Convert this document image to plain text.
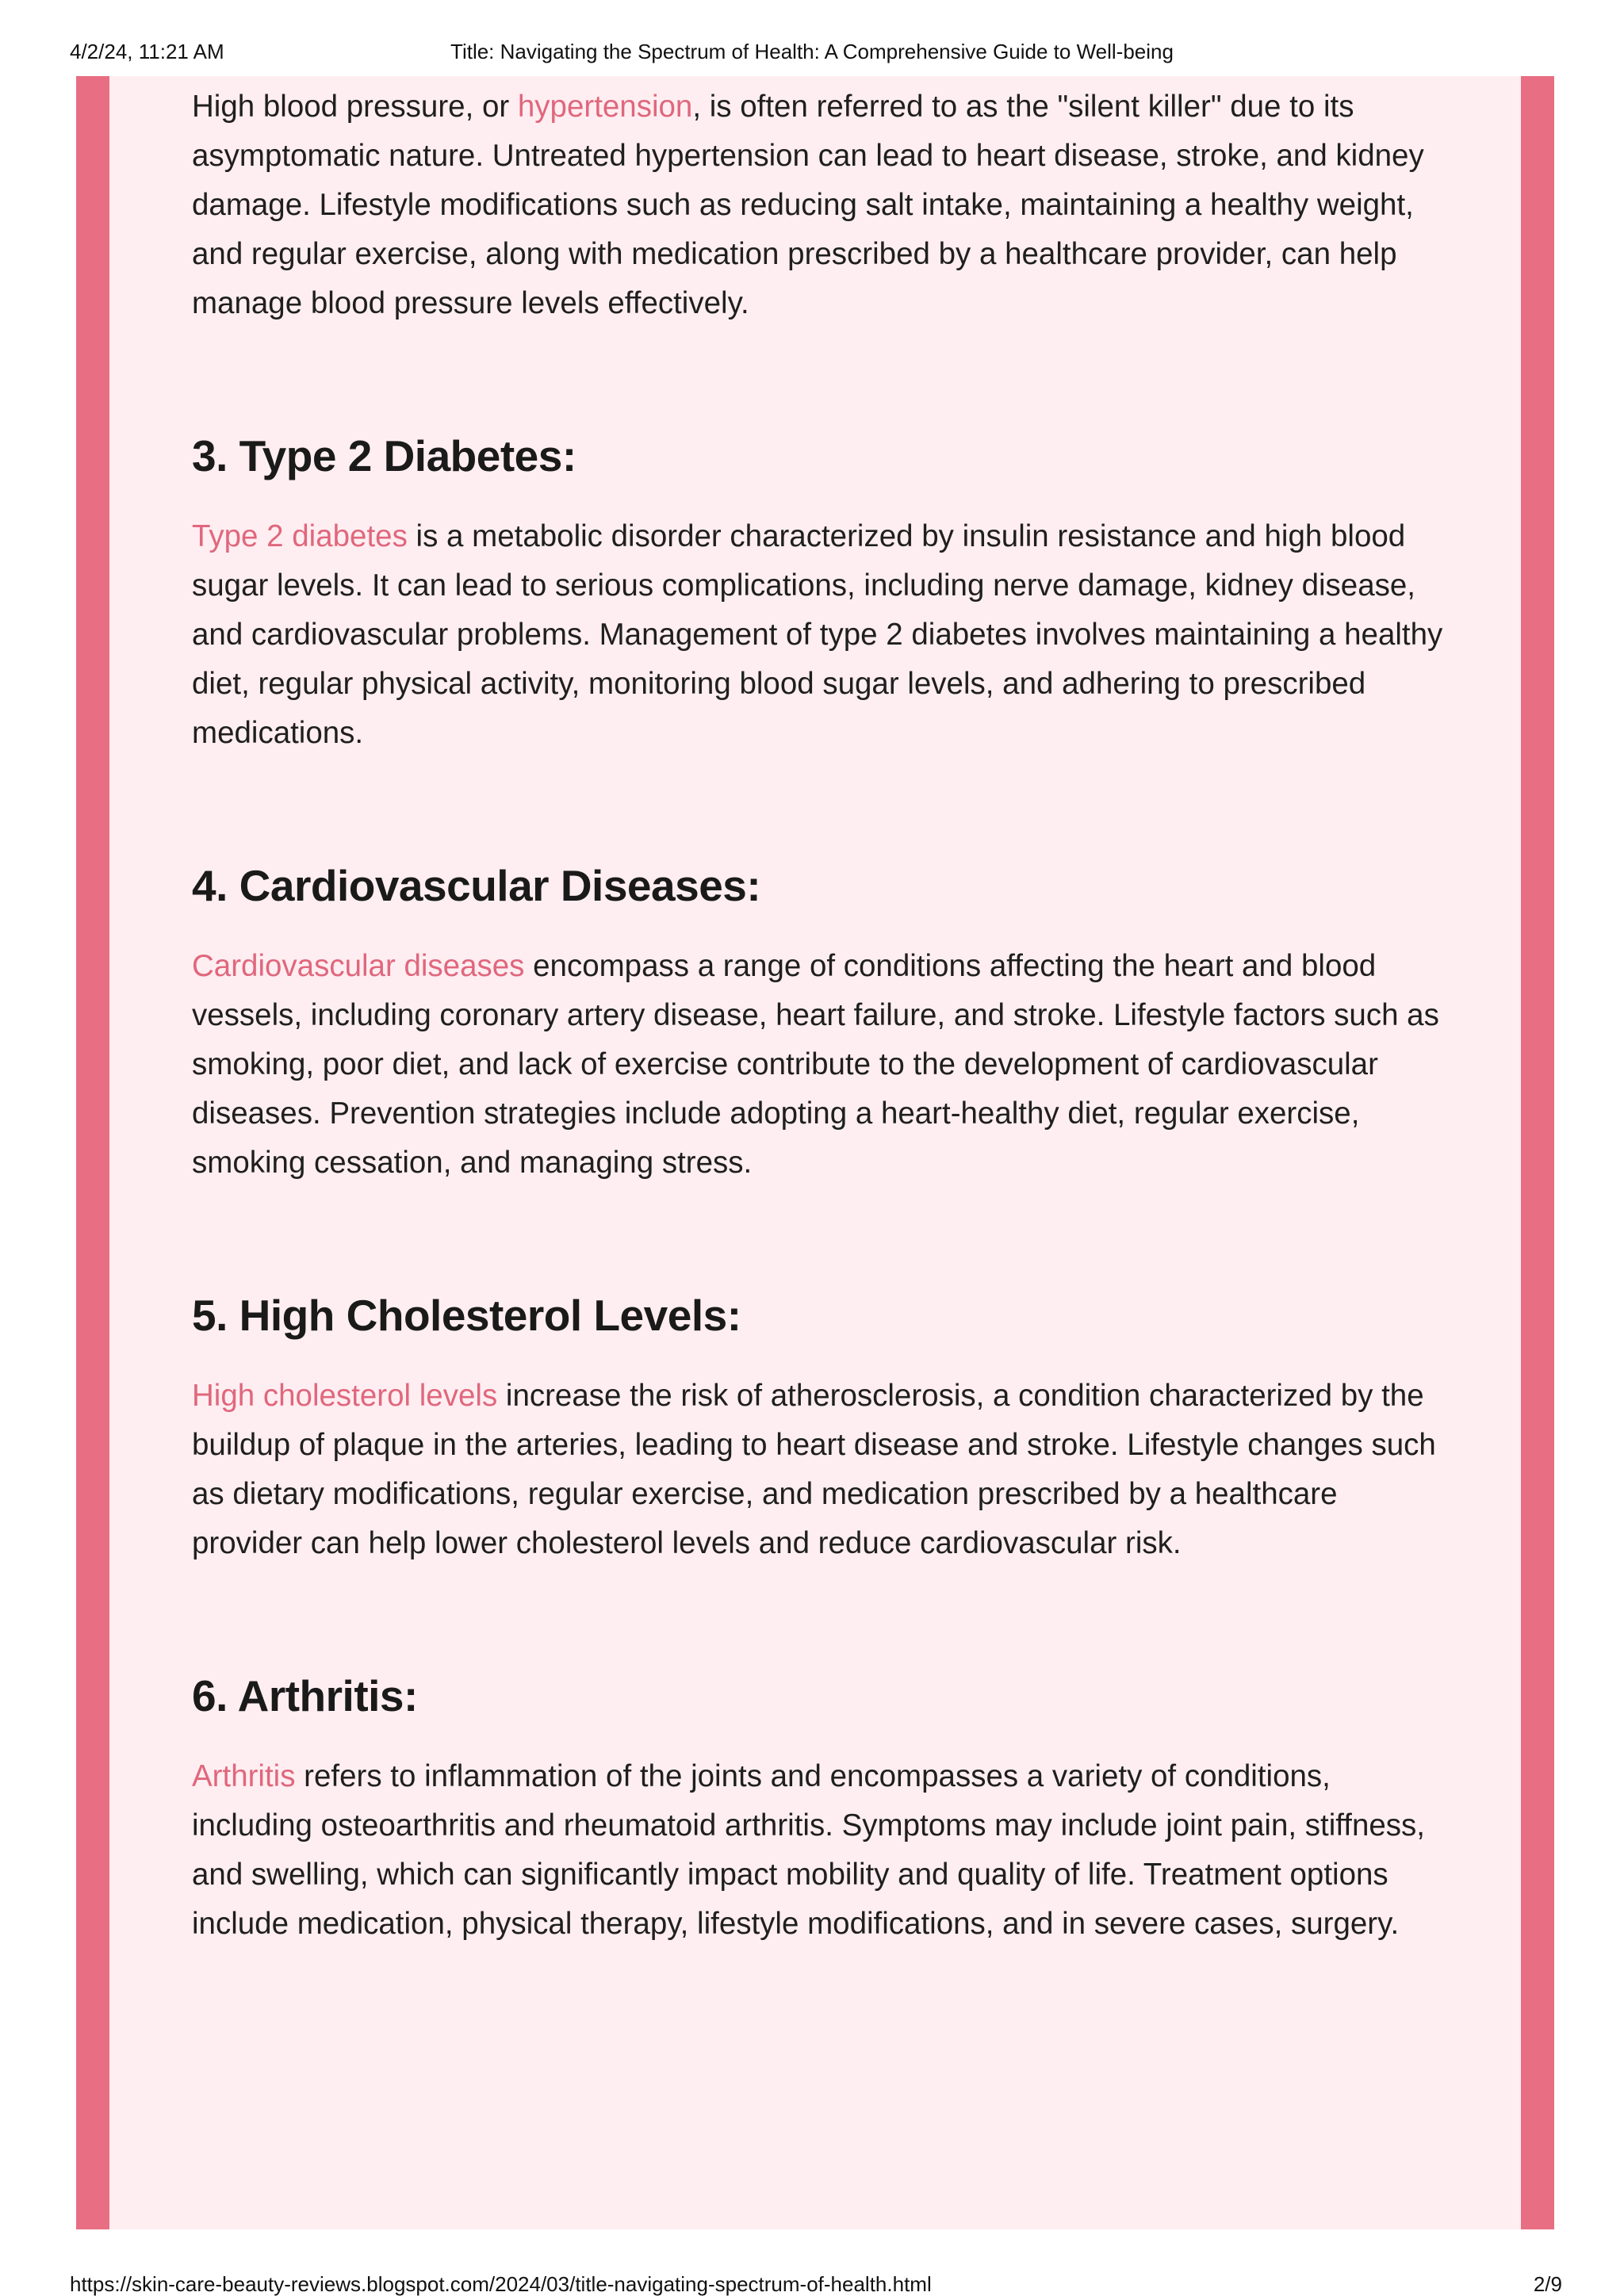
4/2/24, 11:21 AM	Title: Navigating the Spectrum of Health: A Comprehensive Guide to Well-being

High blood pressure, or hypertension, is often referred to as the "silent killer" due to its asymptomatic nature. Untreated hypertension can lead to heart disease, stroke, and kidney damage. Lifestyle modifications such as reducing salt intake, maintaining a healthy weight, and regular exercise, along with medication prescribed by a healthcare provider, can help manage blood pressure levels effectively.

3. Type 2 Diabetes:

Type 2 diabetes is a metabolic disorder characterized by insulin resistance and high blood sugar levels. It can lead to serious complications, including nerve damage, kidney disease, and cardiovascular problems. Management of type 2 diabetes involves maintaining a healthy diet, regular physical activity, monitoring blood sugar levels, and adhering to prescribed medications.

4. Cardiovascular Diseases:

Cardiovascular diseases encompass a range of conditions affecting the heart and blood vessels, including coronary artery disease, heart failure, and stroke. Lifestyle factors such as smoking, poor diet, and lack of exercise contribute to the development of cardiovascular diseases. Prevention strategies include adopting a heart-healthy diet, regular exercise, smoking cessation, and managing stress.

5. High Cholesterol Levels:

High cholesterol levels increase the risk of atherosclerosis, a condition characterized by the buildup of plaque in the arteries, leading to heart disease and stroke. Lifestyle changes such as dietary modifications, regular exercise, and medication prescribed by a healthcare provider can help lower cholesterol levels and reduce cardiovascular risk.

6. Arthritis:

Arthritis refers to inflammation of the joints and encompasses a variety of conditions, including osteoarthritis and rheumatoid arthritis. Symptoms may include joint pain, stiffness, and swelling, which can significantly impact mobility and quality of life. Treatment options include medication, physical therapy, lifestyle modifications, and in severe cases, surgery.

https://skin-care-beauty-reviews.blogspot.com/2024/03/title-navigating-spectrum-of-health.html	2/9
